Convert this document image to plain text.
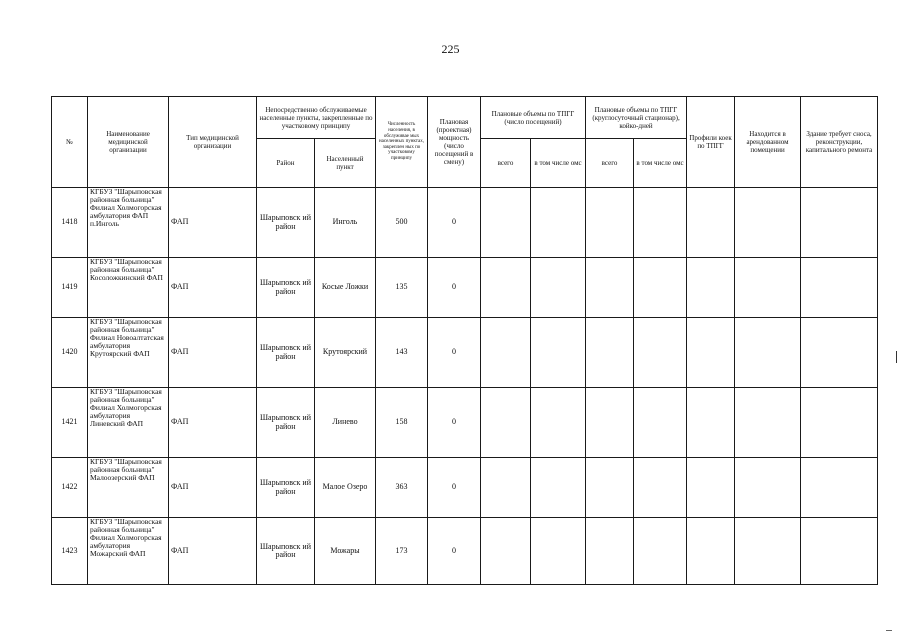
225
№	Наименование медицинской организации	Тип медицинской организации	Непосредственно обслуживаемые населенные пункты, закрепленные по участковому принципу		Численность населения, в обслуживае мых населенных пунктах, закреплен ных по участковому принципу	Плановая (проектная) мощность (число посещений в смену)	Плановые объемы по ТПГГ (число посещений)		Плановые объемы по ТПГГ (круглосуточный стационар), койко-дней		Профили коек по ТПГГ	Находится в арендованном помещении	Здание требует сноса, реконструкции, капитального ремонта
			Район	Населенный пункт			всего	в том числе омс	всего	в том числе омс			
1418	КГБУЗ "Шарыповская районная больница" Филиал Холмогорская амбулатория ФАП п.Инголь	ФАП	Шарыповск ий район	Инголь	500	0							
1419	КГБУЗ "Шарыповская районная больница" Косоложкинский ФАП	ФАП	Шарыповск ий район	Косые Ложки	135	0							
1420	КГБУЗ "Шарыповская районная больница" Филиал Новоалтатская амбулатория Крутоярский ФАП	ФАП	Шарыповск ий район	Крутоярский	143	0							
1421	КГБУЗ "Шарыповская районная больница" Филиал Холмогорская амбулатория Линевский ФАП	ФАП	Шарыповск ий район	Линево	158	0							
1422	КГБУЗ "Шарыповская районная больница" Малоозерский ФАП	ФАП	Шарыповск ий район	Малое Озеро	363	0							
1423	КГБУЗ "Шарыповская районная больница" Филиал Холмогорская амбулатория Можарский ФАП	ФАП	Шарыповск ий район	Можары	173	0							
